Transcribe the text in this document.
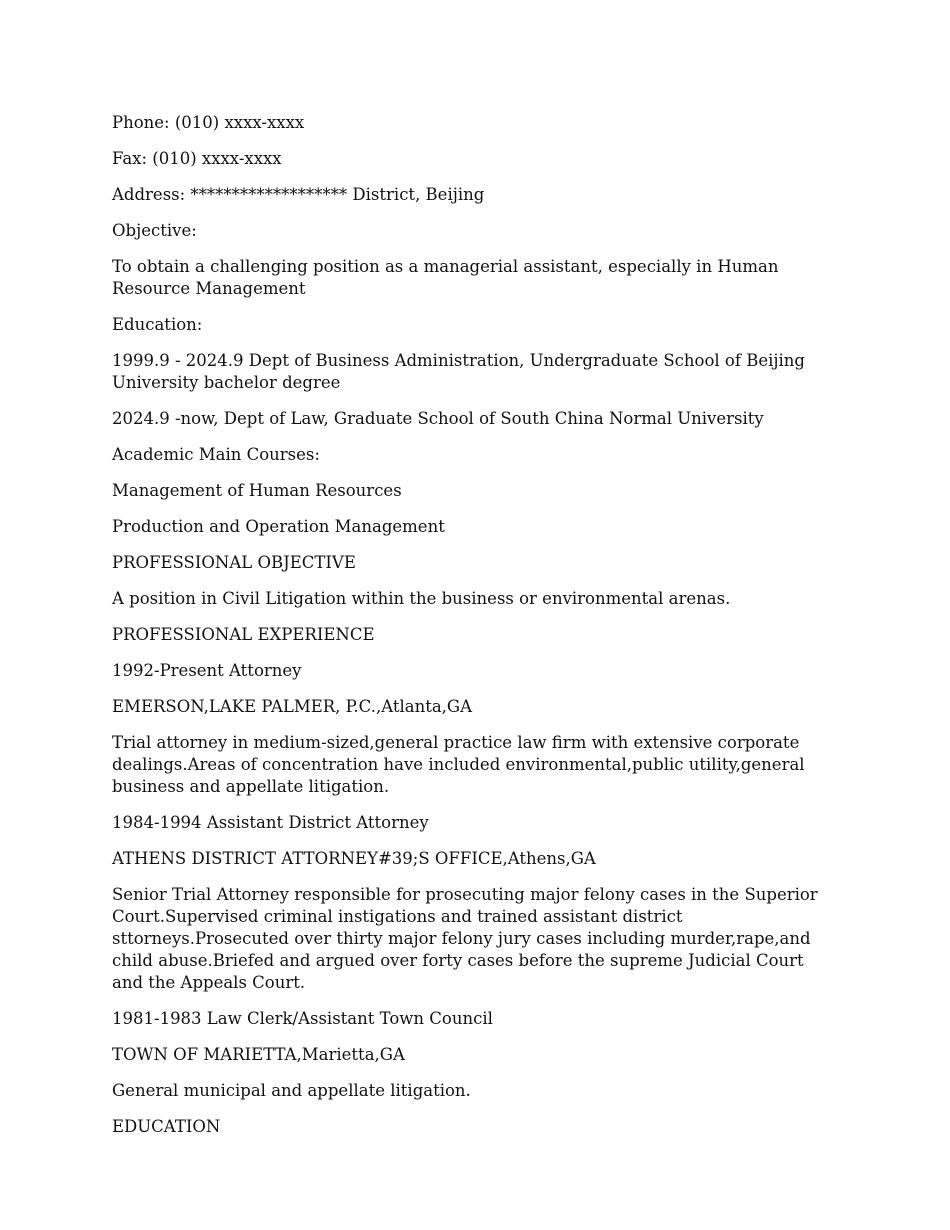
Phone: (010) xxxx-xxxx

Fax: (010) xxxx-xxxx

Address: ******************* District, Beijing

Objective:

To obtain a challenging position as a managerial assistant, especially in Human Resource Management

Education:

1999.9 - 2024.9 Dept of Business Administration, Undergraduate School of Beijing University bachelor degree

2024.9 -now, Dept of Law, Graduate School of South China Normal University

Academic Main Courses:

Management of Human Resources

Production and Operation Management

PROFESSIONAL OBJECTIVE

A position in Civil Litigation within the business or environmental arenas.

PROFESSIONAL EXPERIENCE

1992-Present Attorney

EMERSON,LAKE PALMER, P.C.,Atlanta,GA

Trial attorney in medium-sized,general practice law firm with extensive corporate dealings.Areas of concentration have included environmental,public utility,general business and appellate litigation.

1984-1994 Assistant District Attorney

ATHENS DISTRICT ATTORNEY#39;S OFFICE,Athens,GA

Senior Trial Attorney responsible for prosecuting major felony cases in the Superior Court.Supervised criminal instigations and trained assistant district sttorneys.Prosecuted over thirty major felony jury cases including murder,rape,and child abuse.Briefed and argued over forty cases before the supreme Judicial Court and the Appeals Court.

1981-1983 Law Clerk/Assistant Town Council

TOWN OF MARIETTA,Marietta,GA

General municipal and appellate litigation.

EDUCATION
